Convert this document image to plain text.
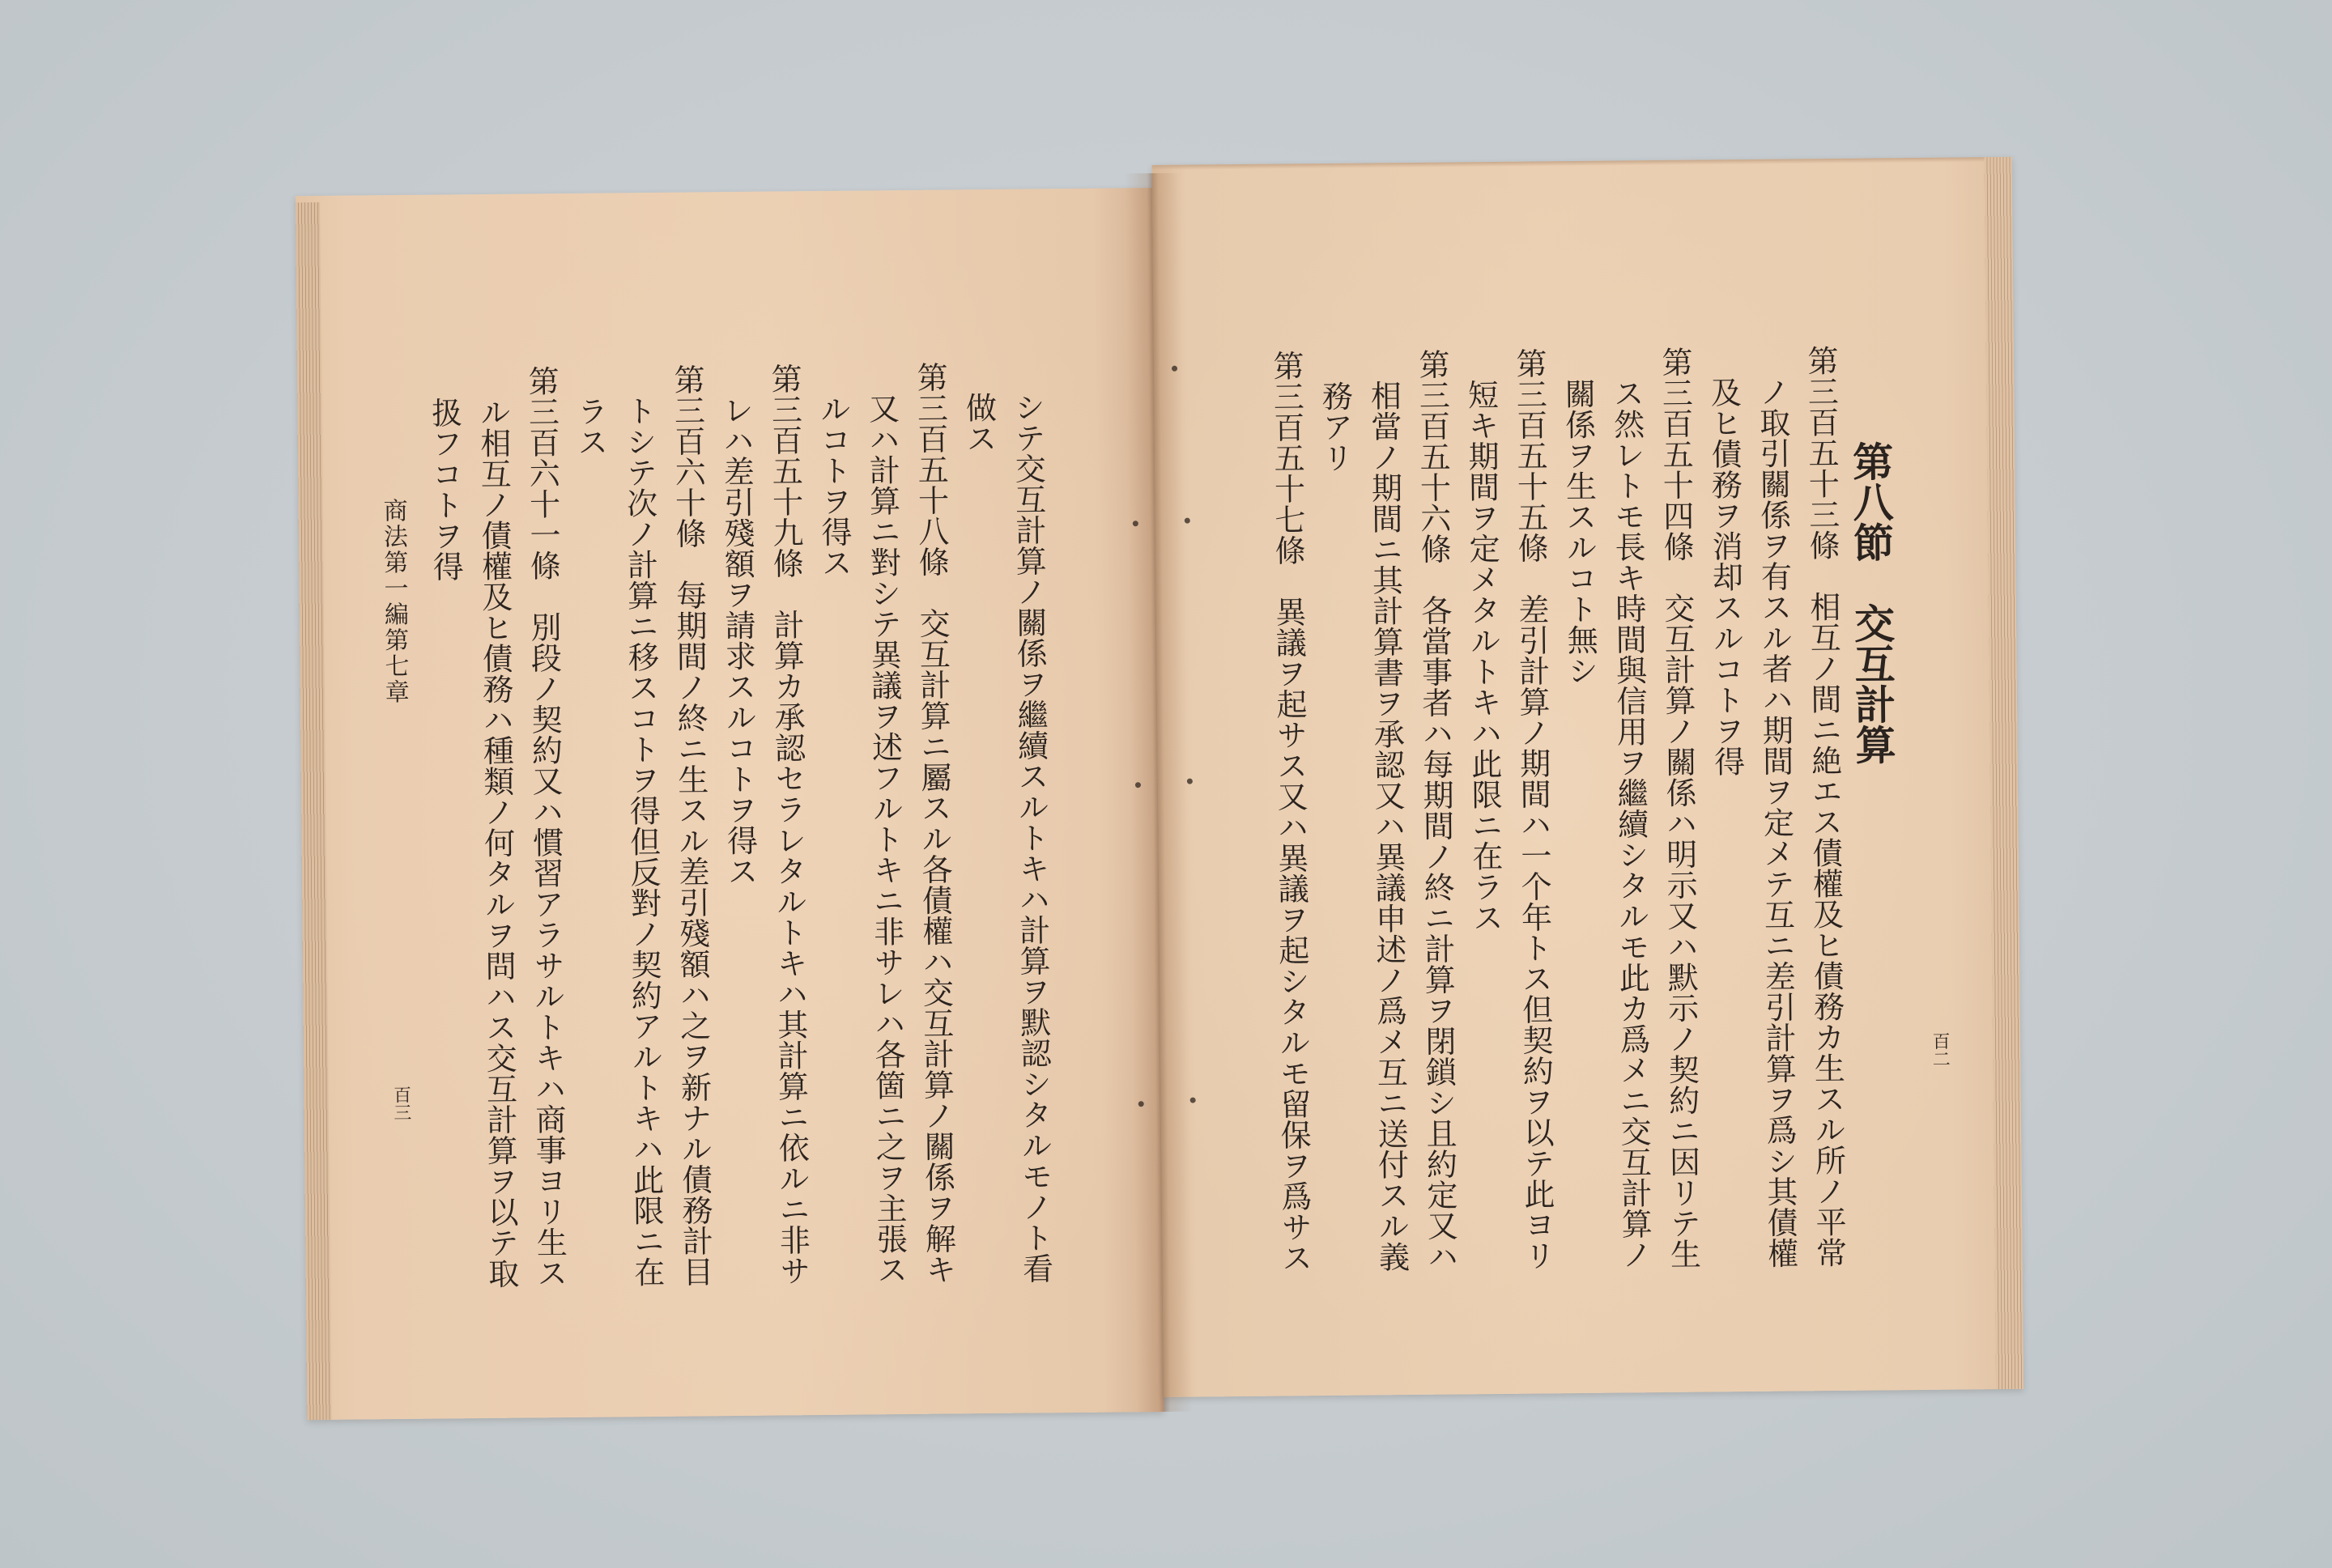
商法第一編第七章
百三	シテ交互計算ノ關係ヲ繼續スルトキハ計算ヲ默認シタルモノト看
做ス
第三百五十八條　交互計算ニ屬スル各債權ハ交互計算ノ關係ヲ解キ
又ハ計算ニ對シテ異議ヲ述フルトキニ非サレハ各箇ニ之ヲ主張ス
ルコトヲ得ス
第三百五十九條　計算カ承認セラレタルトキハ其計算ニ依ルニ非サ
レハ差引殘額ヲ請求スルコトヲ得ス
第三百六十條　每期間ノ終ニ生スル差引殘額ハ之ヲ新ナル債務計目
トシテ次ノ計算ニ移スコトヲ得但反對ノ契約アルトキハ此限ニ在
ラス
第三百六十一條　別段ノ契約又ハ慣習アラサルトキハ商事ヨリ生ス
ル相互ノ債權及ヒ債務ハ種類ノ何タルヲ問ハス交互計算ヲ以テ取
扱フコトヲ得
百二
第八節　交互計算
第三百五十三條　相互ノ間ニ絶エス債權及ヒ債務カ生スル所ノ平常
ノ取引關係ヲ有スル者ハ期間ヲ定メテ互ニ差引計算ヲ爲シ其債權
及ヒ債務ヲ消却スルコトヲ得
第三百五十四條　交互計算ノ關係ハ明示又ハ默示ノ契約ニ因リテ生
ス然レトモ長キ時間與信用ヲ繼續シタルモ此カ爲メニ交互計算ノ
關係ヲ生スルコト無シ
第三百五十五條　差引計算ノ期間ハ一个年トス但契約ヲ以テ此ヨリ
短キ期間ヲ定メタルトキハ此限ニ在ラス
第三百五十六條　各當事者ハ每期間ノ終ニ計算ヲ閉鎖シ且約定又ハ
相當ノ期間ニ其計算書ヲ承認又ハ異議申述ノ爲メ互ニ送付スル義
務アリ
第三百五十七條　異議ヲ起サス又ハ異議ヲ起シタルモ留保ヲ爲サス
